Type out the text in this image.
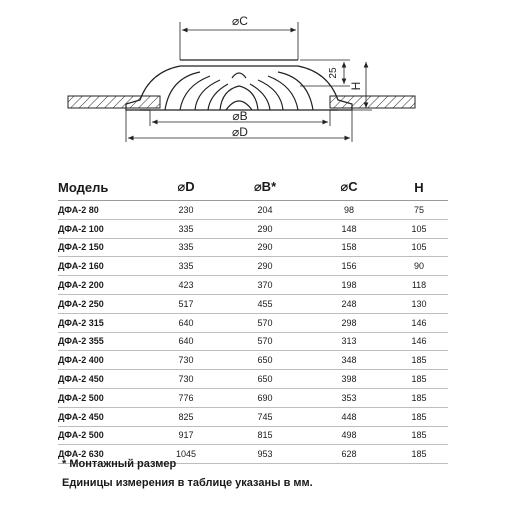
⌀C
25
H
⌀B
⌀D
Модель	⌀D	⌀B*	⌀C	H
ДФА-2 80	230	204	98	75
ДФА-2 100	335	290	148	105
ДФА-2 150	335	290	158	105
ДФА-2 160	335	290	156	90
ДФА-2 200	423	370	198	118
ДФА-2 250	517	455	248	130
ДФА-2 315	640	570	298	146
ДФА-2 355	640	570	313	146
ДФА-2 400	730	650	348	185
ДФА-2 450	730	650	398	185
ДФА-2 500	776	690	353	185
ДФА-2 450	825	745	448	185
ДФА-2 500	917	815	498	185
ДФА-2 630	1045	953	628	185
* Монтажный размер
Единицы измерения в таблице указаны в мм.
